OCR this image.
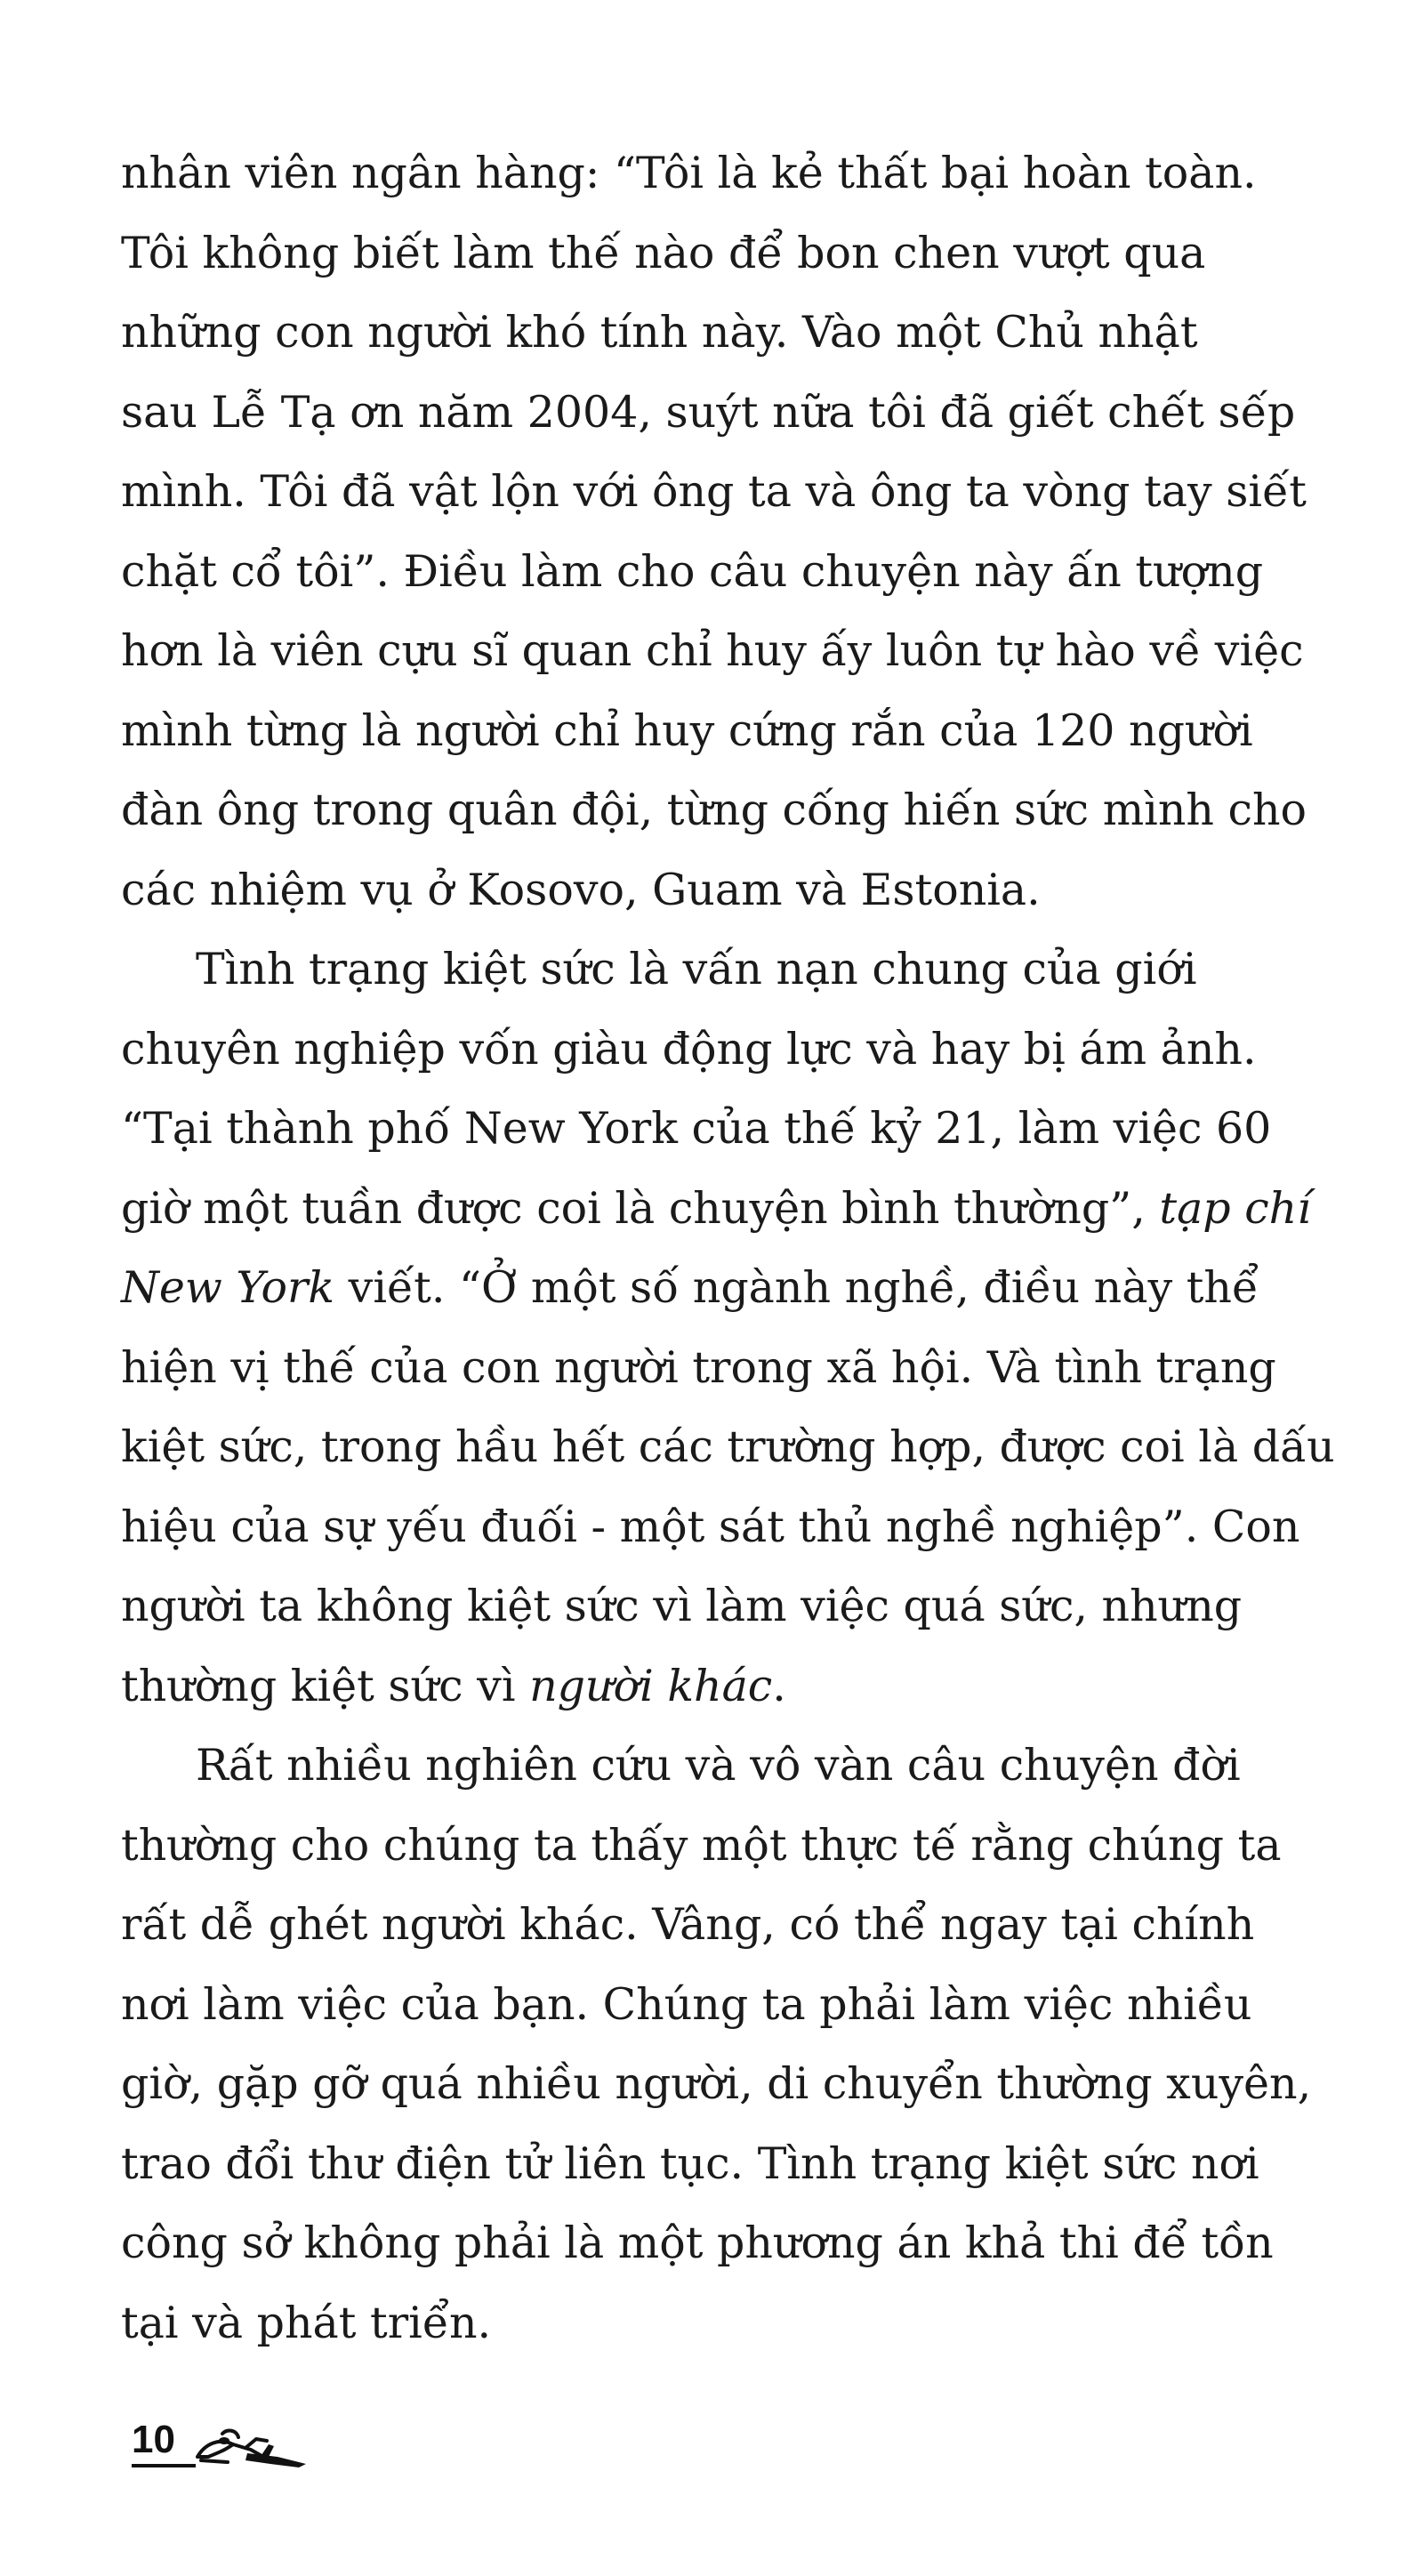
nhân viên ngân hàng: “Tôi là kẻ thất bại hoàn toàn.
Tôi không biết làm thế nào để bon chen vượt qua
những con người khó tính này. Vào một Chủ nhật
sau Lễ Tạ ơn năm 2004, suýt nữa tôi đã giết chết sếp
mình. Tôi đã vật lộn với ông ta và ông ta vòng tay siết
chặt cổ tôi”. Điều làm cho câu chuyện này ấn tượng
hơn là viên cựu sĩ quan chỉ huy ấy luôn tự hào về việc
mình từng là người chỉ huy cứng rắn của 120 người
đàn ông trong quân đội, từng cống hiến sức mình cho
các nhiệm vụ ở Kosovo, Guam và Estonia.
Tình trạng kiệt sức là vấn nạn chung của giới
chuyên nghiệp vốn giàu động lực và hay bị ám ảnh.
“Tại thành phố New York của thế kỷ 21, làm việc 60
giờ một tuần được coi là chuyện bình thường”, tạp chí
New York viết. “Ở một số ngành nghề, điều này thể
hiện vị thế của con người trong xã hội. Và tình trạng
kiệt sức, trong hầu hết các trường hợp, được coi là dấu
hiệu của sự yếu đuối - một sát thủ nghề nghiệp”. Con
người ta không kiệt sức vì làm việc quá sức, nhưng
thường kiệt sức vì người khác.
Rất nhiều nghiên cứu và vô vàn câu chuyện đời
thường cho chúng ta thấy một thực tế rằng chúng ta
rất dễ ghét người khác. Vâng, có thể ngay tại chính
nơi làm việc của bạn. Chúng ta phải làm việc nhiều
giờ, gặp gỡ quá nhiều người, di chuyển thường xuyên,
trao đổi thư điện tử liên tục. Tình trạng kiệt sức nơi
công sở không phải là một phương án khả thi để tồn
tại và phát triển.
10
